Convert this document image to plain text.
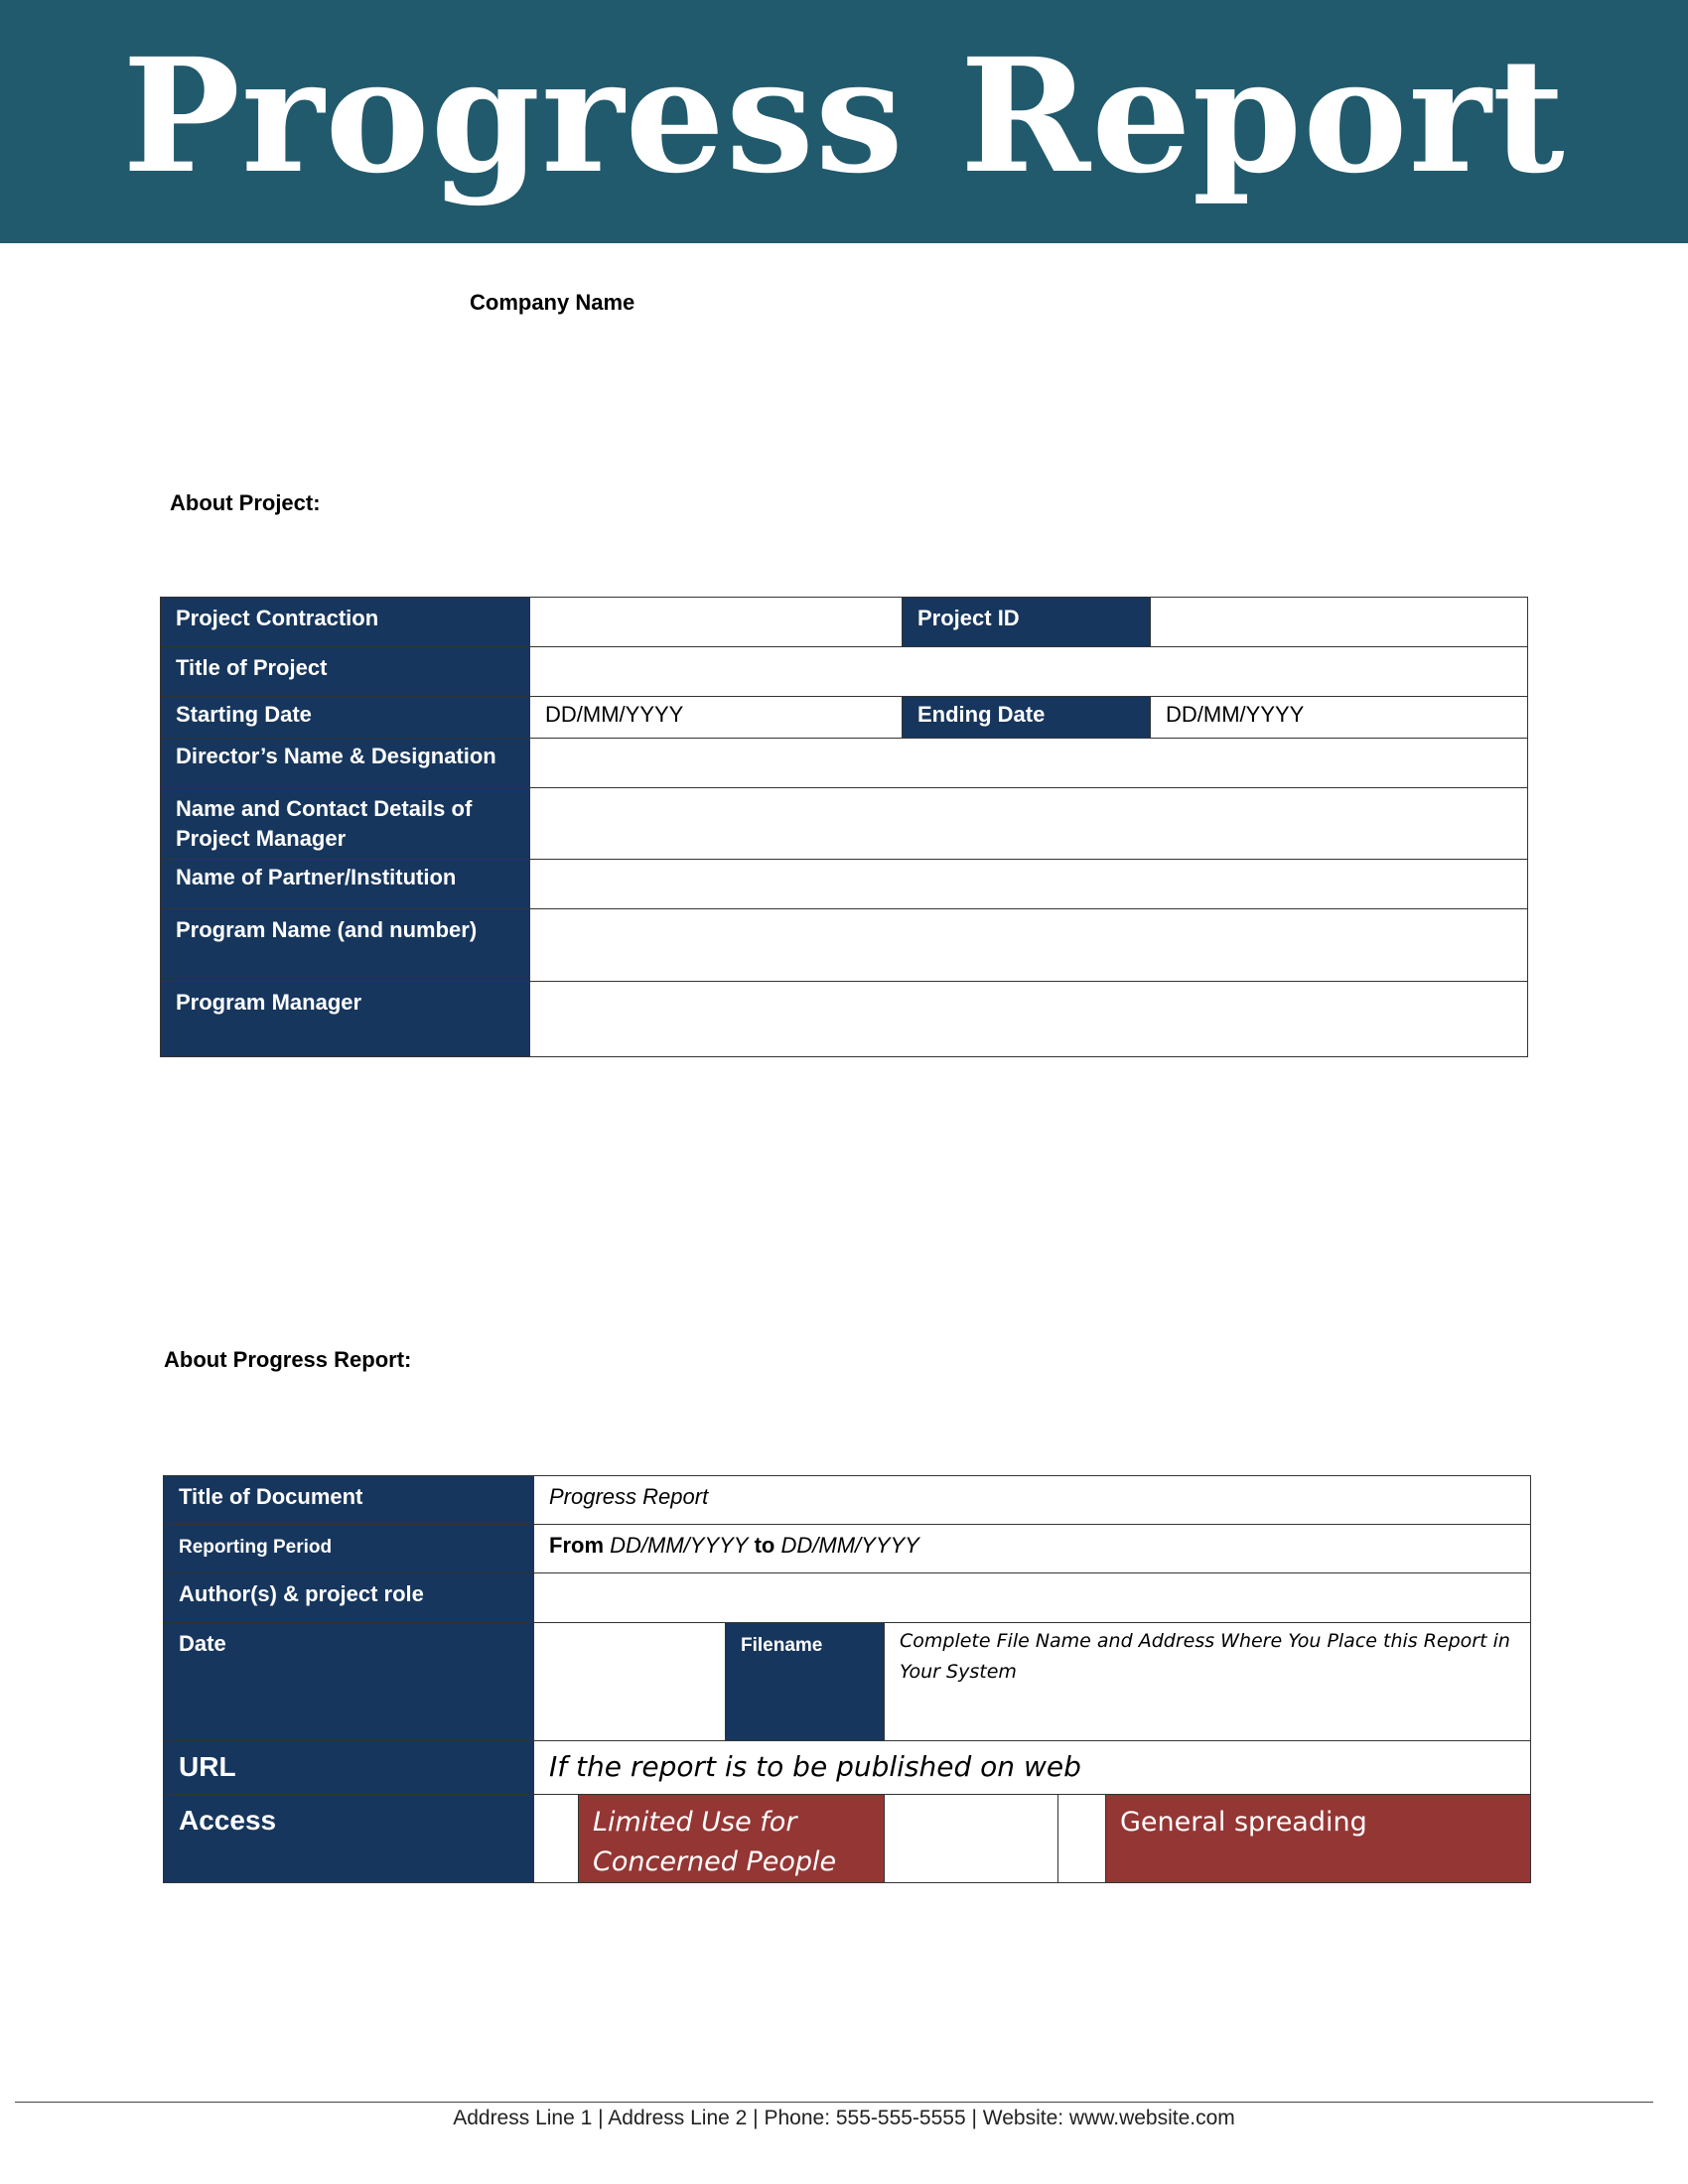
Progress Report
Company Name
About Project:
Project Contraction		Project ID	
Title of Project			
Starting Date	DD/MM/YYYY	Ending Date	DD/MM/YYYY
Director’s Name & Designation			
Name and Contact Details of Project Manager			
Name of Partner/Institution			
Program Name (and number)			
Program Manager			
About Progress Report:
Title of Document	Progress Report					
Reporting Period	From DD/MM/YYYY to DD/MM/YYYY					
Author(s) & project role						
Date			Filename	Complete File Name and Address Where You Place this Report in Your System		
URL	If the report is to be published on web					
Access		Limited Use for Concerned People				General spreading
Address Line 1 | Address Line 2 | Phone: 555-555-5555 | Website: www.website.com
